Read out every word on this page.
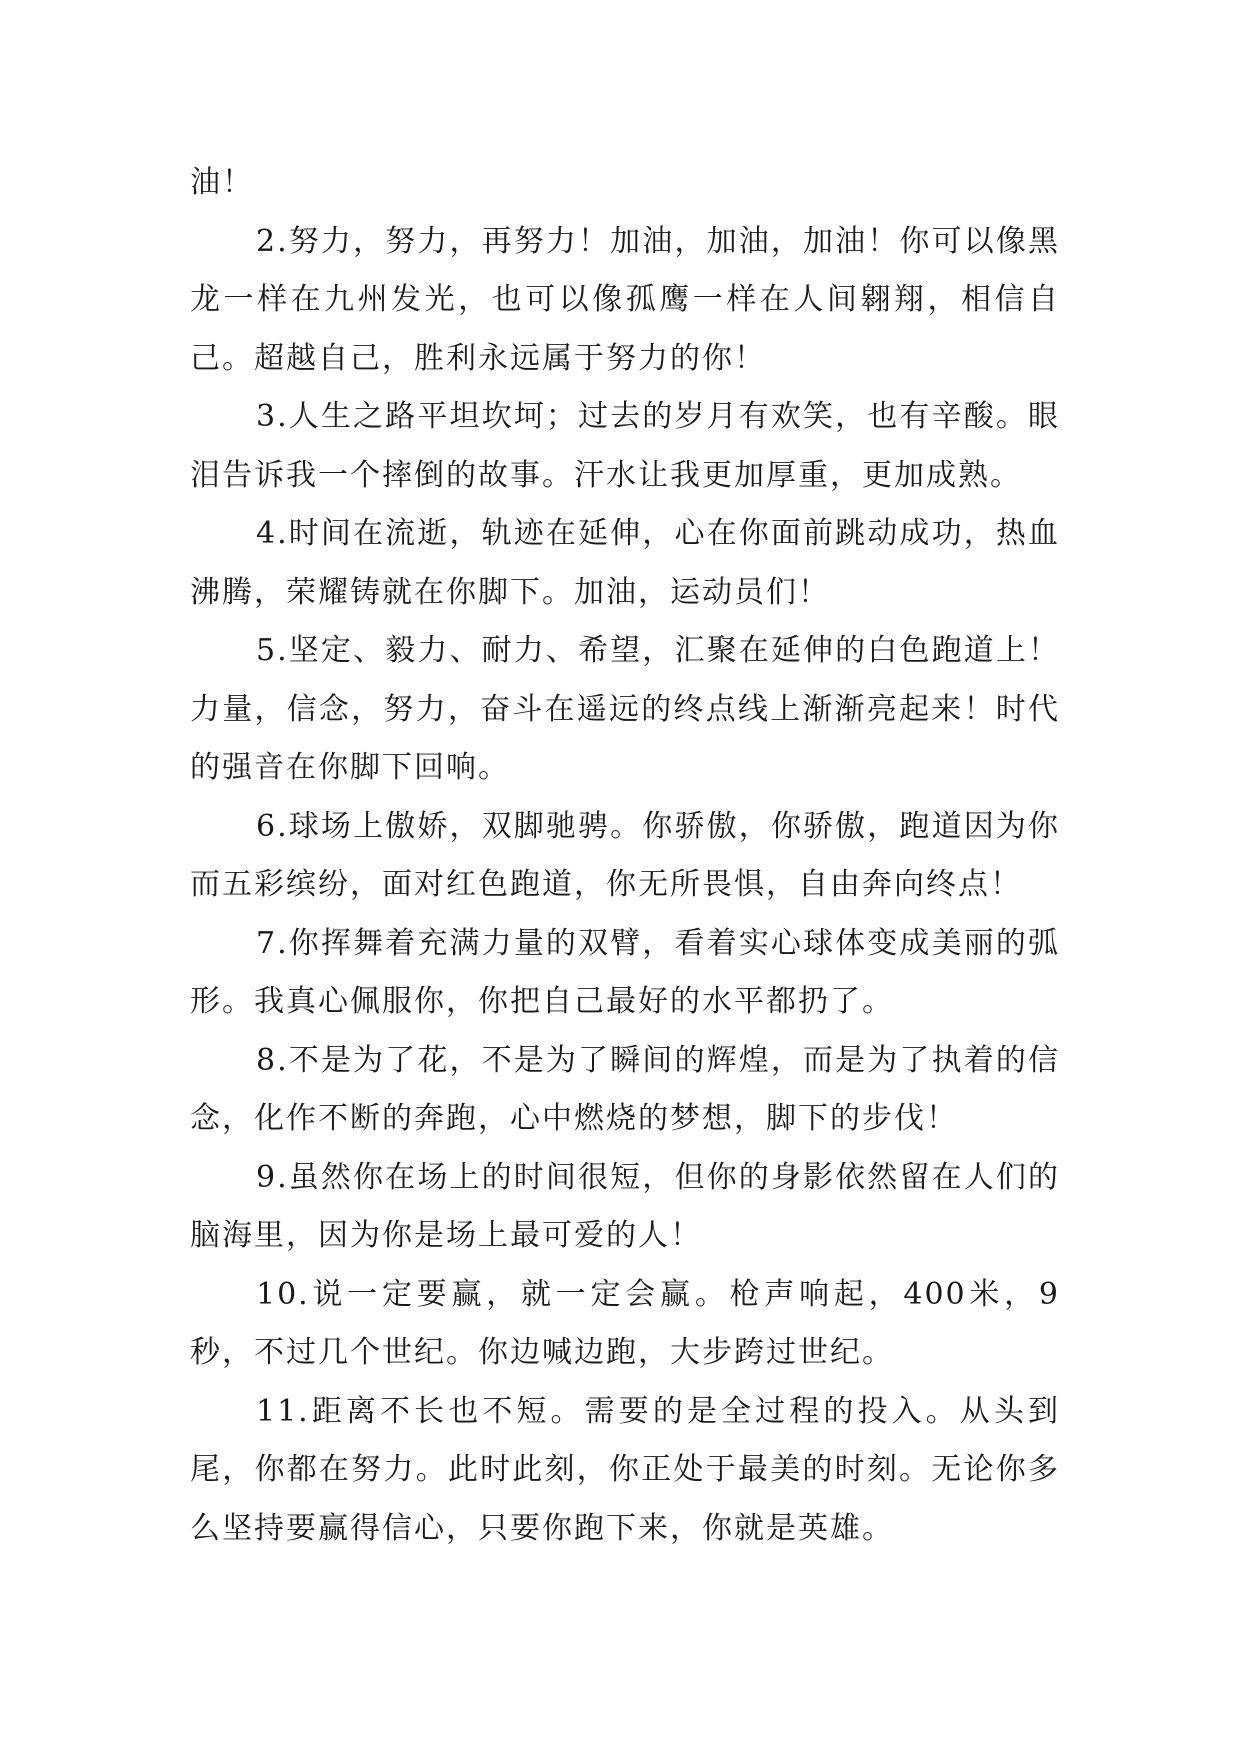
油！

2.努力，努力，再努力！加油，加油，加油！你可以像黑龙一样在九州发光，也可以像孤鹰一样在人间翱翔，相信自己。超越自己，胜利永远属于努力的你！

3.人生之路平坦坎坷；过去的岁月有欢笑，也有辛酸。眼泪告诉我一个摔倒的故事。汗水让我更加厚重，更加成熟。

4.时间在流逝，轨迹在延伸，心在你面前跳动成功，热血沸腾，荣耀铸就在你脚下。加油，运动员们！

5.坚定、毅力、耐力、希望，汇聚在延伸的白色跑道上！力量，信念，努力，奋斗在遥远的终点线上渐渐亮起来！时代的强音在你脚下回响。

6.球场上傲娇，双脚驰骋。你骄傲，你骄傲，跑道因为你而五彩缤纷，面对红色跑道，你无所畏惧，自由奔向终点！

7.你挥舞着充满力量的双臂，看着实心球体变成美丽的弧形。我真心佩服你，你把自己最好的水平都扔了。

8.不是为了花，不是为了瞬间的辉煌，而是为了执着的信念，化作不断的奔跑，心中燃烧的梦想，脚下的步伐！

9.虽然你在场上的时间很短，但你的身影依然留在人们的脑海里，因为你是场上最可爱的人！

10.说一定要赢，就一定会赢。枪声响起，400米，9秒，不过几个世纪。你边喊边跑，大步跨过世纪。

11.距离不长也不短。需要的是全过程的投入。从头到尾，你都在努力。此时此刻，你正处于最美的时刻。无论你多么坚持要赢得信心，只要你跑下来，你就是英雄。
